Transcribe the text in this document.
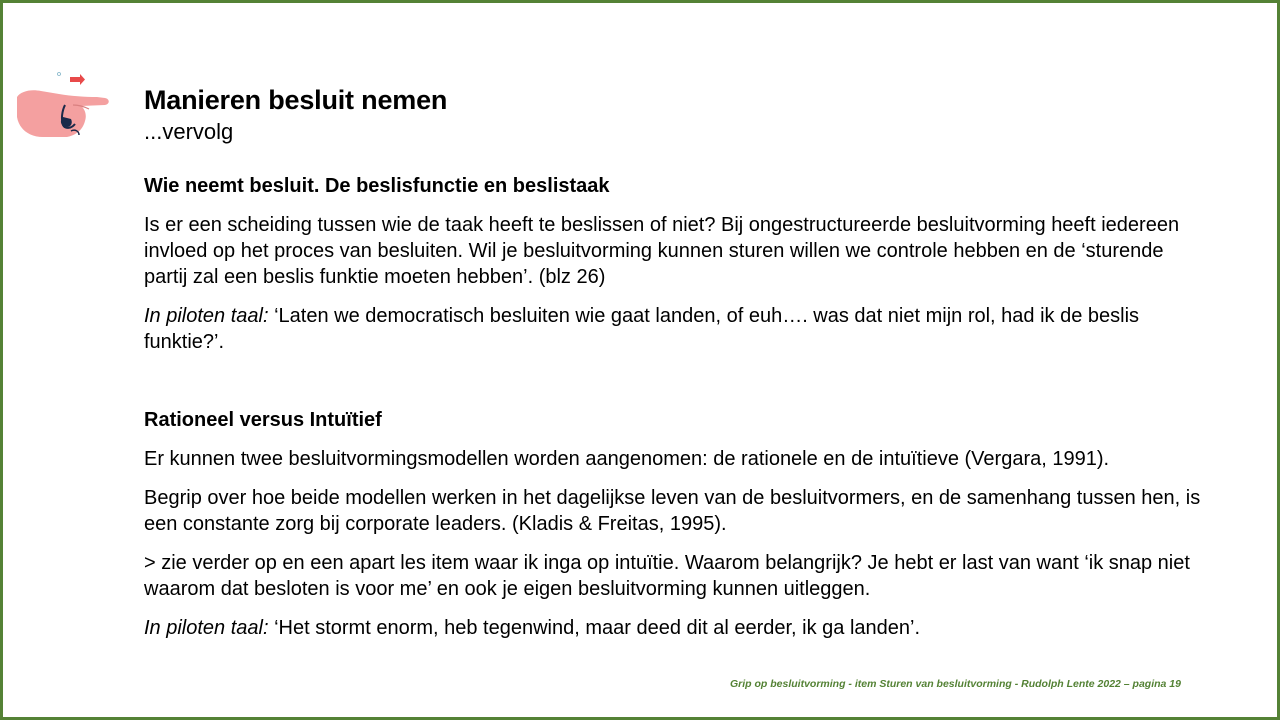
Manieren besluit nemen
...vervolg

Wie neemt besluit. De beslisfunctie en beslistaak

Is er een scheiding tussen wie de taak heeft te beslissen of niet? Bij ongestructureerde besluitvorming heeft iedereen invloed op het proces van besluiten. Wil je besluitvorming kunnen sturen willen we controle hebben en de ‘sturende partij zal een beslis funktie moeten hebben’. (blz 26)

In piloten taal: ‘Laten we democratisch besluiten wie gaat landen, of euh…. was dat niet mijn rol, had ik de beslis funktie?’.

Rationeel versus Intuïtief

Er kunnen twee besluitvormingsmodellen worden aangenomen: de rationele en de intuïtieve (Vergara, 1991).

Begrip over hoe beide modellen werken in het dagelijkse leven van de besluitvormers, en de samenhang tussen hen, is een constante zorg bij corporate leaders. (Kladis & Freitas, 1995).

> zie verder op en een apart les item waar ik inga op intuïtie. Waarom belangrijk? Je hebt er last van want ‘ik snap niet waarom dat besloten is voor me’ en ook je eigen besluitvorming kunnen uitleggen.

In piloten taal: ‘Het stormt enorm, heb tegenwind, maar deed dit al eerder, ik ga landen’.

Grip op besluitvorming - item Sturen van besluitvorming - Rudolph Lente 2022 – pagina 19
